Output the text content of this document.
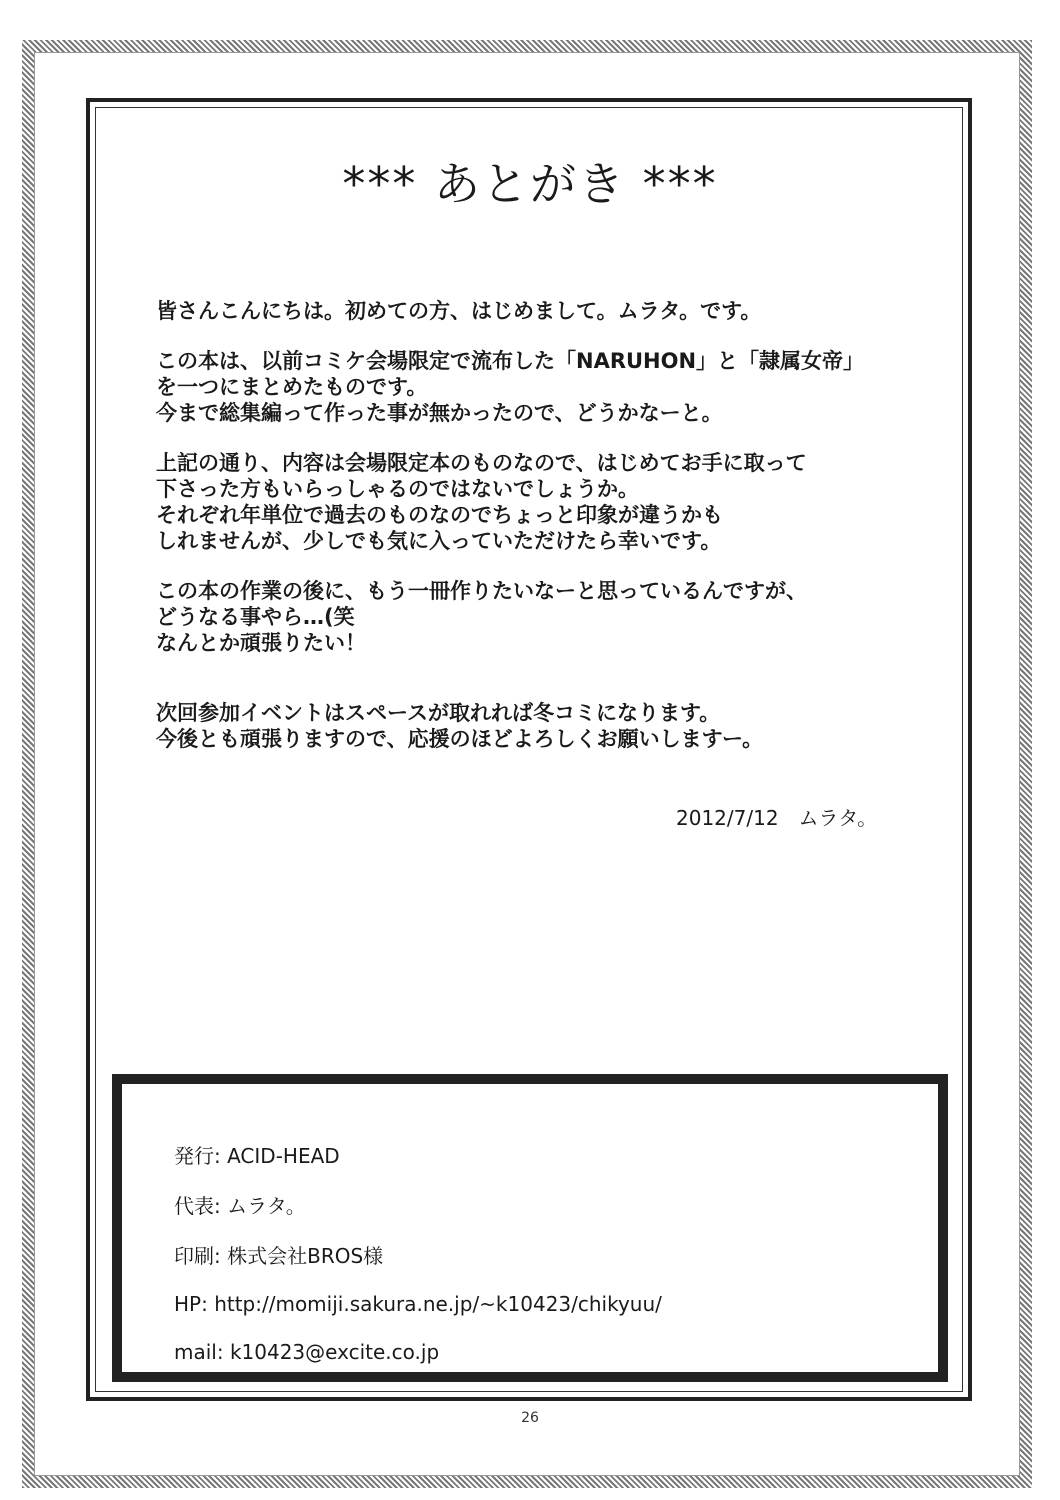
*** あとがき ***

皆さんこんにちは。初めての方、はじめまして。ムラタ。です。

この本は、以前コミケ会場限定で流布した「NARUHON」と「隷属女帝」
を一つにまとめたものです。
今まで総集編って作った事が無かったので、どうかなーと。

上記の通り、内容は会場限定本のものなので、はじめてお手に取って
下さった方もいらっしゃるのではないでしょうか。
それぞれ年単位で過去のものなのでちょっと印象が違うかも
しれませんが、少しでも気に入っていただけたら幸いです。

この本の作業の後に、もう一冊作りたいなーと思っているんですが、
どうなる事やら…(笑
なんとか頑張りたい！

次回参加イベントはスペースが取れれば冬コミになります。
今後とも頑張りますので、応援のほどよろしくお願いしますー。

2012/7/12　ムラタ。
発行: ACID-HEAD
代表: ムラタ。
印刷: 株式会社BROS様
HP: http://momiji.sakura.ne.jp/~k10423/chikyuu/
mail: k10423@excite.co.jp
26
